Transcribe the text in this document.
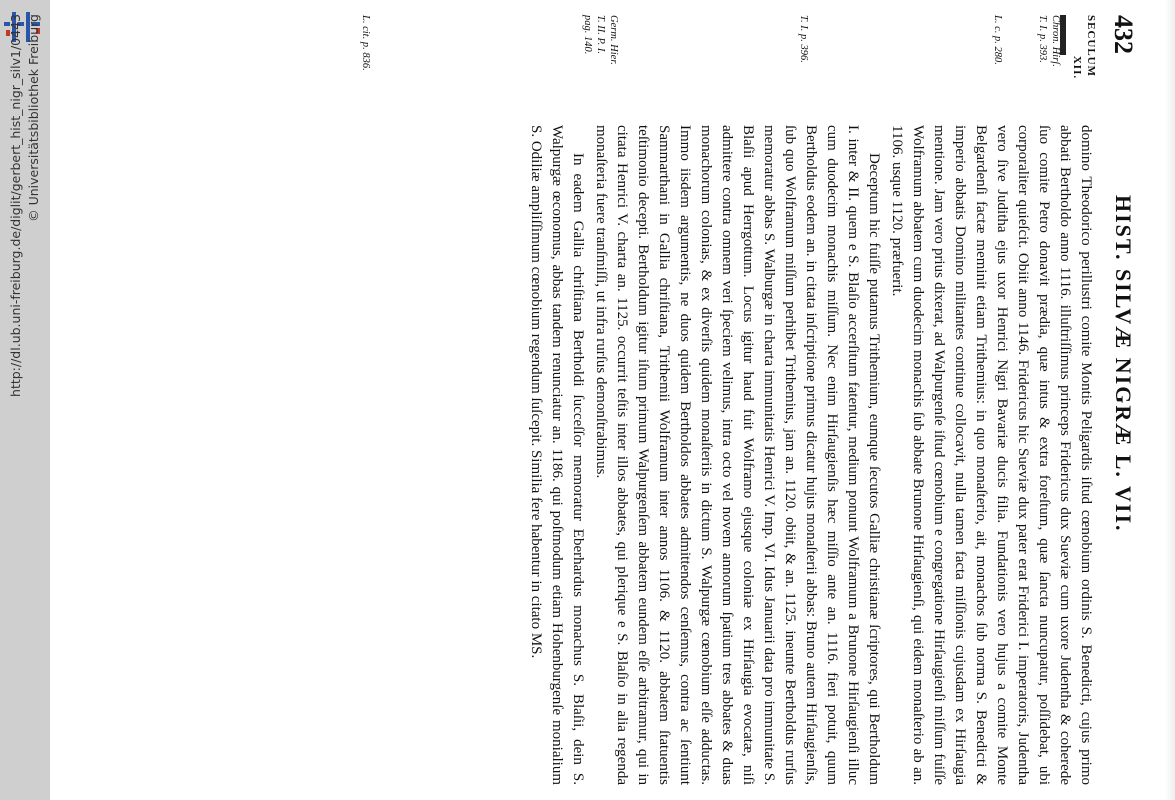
http://dl.ub.uni-freiburg.de/diglit/gerbert_hist_nigr_silv1/0443 © Universitätsbibliothek Freiburg	432
HIST. SILVÆ NIGRÆ L. VII.
SECULUM
XII.
Chron. Hirſ.
T. I. p. 393.
L. c. p. 280.
T. I. p. 396.
Germ. Hier.
T. II. P. I.
pag. 140.
L. cit. p. 836.

domino Theodorico perillustri comite Montis Peligardis iſtud cœnobium ordinis S. Benedicti, cujus primo abbati Bertholdo anno 1116. illuſtriſſimus princeps Fridericus dux Sueviæ cum uxore Judentha & coherede ſuo comite Petro donavit prædia, quæ intus & extra foreſtum, quæ ſancta nuncupatur, poſſidebat, ubi corporaliter quieſcit. Obiit anno 1146. Fridericus hic Sueviæ dux pater erat Friderici I. imperatoris, Judentha vero ſive Juditha ejus uxor Henrici Nigri Bavariæ ducis filia. Fundationis vero hujus a comite Monte Belgardenſi factæ meminit etiam Trithemius: in quo monaſterio, ait, monachos ſub norma S. Benedicti & imperio abbatis Domino militantes continue collocavit, nulla tamen facta miſſionis cujusdam ex Hirſaugia mentione. Jam vero prius dixerat, ad Walpurgenſe iſtud cœnobium e congregatione Hirſaugienſi miſſum fuiſſe Wolframum abbatem cum duodecim monachis ſub abbate Brunone Hirſaugienſi, qui eidem monaſterio ab an. 1106. usque 1120. præfuerit.

Deceptum hic fuiſſe putamus Trithemium, eumque ſecutos Galliæ christianæ ſcriptores, qui Bertholdum I. inter & II. quem e S. Blaſio accerſitum fatentur, medium ponunt Wolframum a Brunone Hirſaugienſi illuc cum duodecim monachis miſſum. Nec enim Hirſaugienſis hæc miſſio ante an. 1116. fieri potuit, quum Bertholdus eodem an. in citata inſcriptione primus dicatur hujus monaſterii abbas: Bruno autem Hirſaugienſis, ſub quo Wolframum miſſum perhibet Trithemius, jam an. 1120. obiit, & an. 1125. ineunte Bertholdus rurſus memoratur abbas S. Walburgæ in charta immunitatis Henrici V. Imp. VI. Idus Januarii data pro immunitate S. Blaſii apud Herrgottum. Locus igitur haud fuit Wolframo ejusque coloniæ ex Hirſaugia evocatæ, niſi admittere contra omnem veri ſpeciem velimus, intra octo vel novem annorum ſpatium tres abbates & duas monachorum colonias, & ex diverſis quidem monaſteriis in dictum S. Walpurgæ cœnobium eſſe adductas. Immo iisdem argumentis, ne duos quidem Bertholdos abbates admittendos cenſemus, contra ac ſentiunt Sammarthani in Gallia chriſtiana, Trithemii Wolframum inter annos 1106. & 1120. abbatem ſtatuentis teſtimonio decepti. Bertholdum igitur iſtum primum Walpurgenſem abbatem eundem eſſe arbitramur, qui in citata Henrici V. charta an. 1125. occurrit teſtis inter illos abbates, qui plerique e S. Blaſio in alia regenda monaſteria fuere tranſmiſſi, ut infra rurſus demonſtrabimus.

In eadem Gallia chriſtiana Bertholdi ſucceſſor memoratur Eberhardus monachus S. Blaſii, dein S. Walpurgæ œconomus, abbas tandem renunciatur an. 1186. qui poſtmodum etiam Hohenburgenſe monialium S. Odiliæ ampliſſimum cœnobium regendum ſuſcepit. Similia fere habentur in citato MS.
